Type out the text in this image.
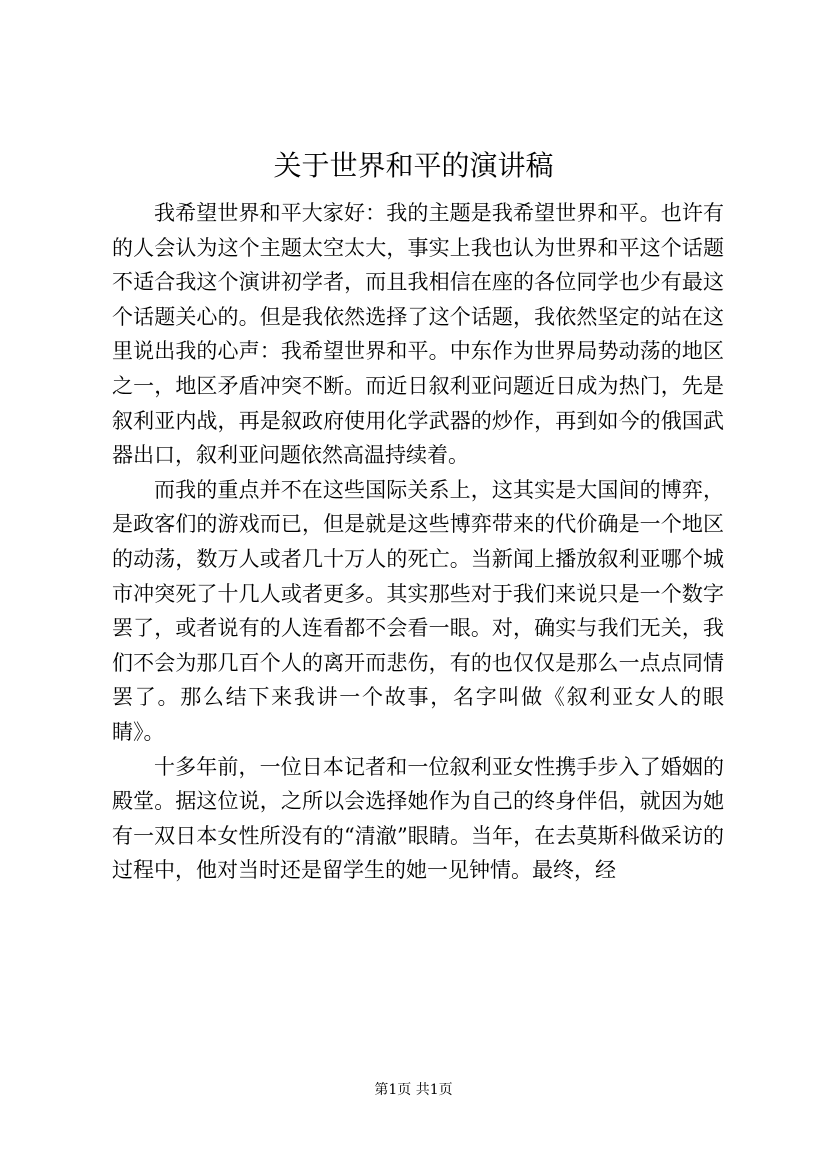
关于世界和平的演讲稿

我希望世界和平大家好：我的主题是我希望世界和平。也许有的人会认为这个主题太空太大，事实上我也认为世界和平这个话题不适合我这个演讲初学者，而且我相信在座的各位同学也少有最这个话题关心的。但是我依然选择了这个话题，我依然坚定的站在这里说出我的心声：我希望世界和平。中东作为世界局势动荡的地区之一，地区矛盾冲突不断。而近日叙利亚问题近日成为热门，先是叙利亚内战，再是叙政府使用化学武器的炒作，再到如今的俄国武器出口，叙利亚问题依然高温持续着。

而我的重点并不在这些国际关系上，这其实是大国间的博弈，是政客们的游戏而已，但是就是这些博弈带来的代价确是一个地区的动荡，数万人或者几十万人的死亡。当新闻上播放叙利亚哪个城市冲突死了十几人或者更多。其实那些对于我们来说只是一个数字罢了，或者说有的人连看都不会看一眼。对，确实与我们无关，我们不会为那几百个人的离开而悲伤，有的也仅仅是那么一点点同情罢了。那么结下来我讲一个故事，名字叫做《叙利亚女人的眼睛》。

十多年前，一位日本记者和一位叙利亚女性携手步入了婚姻的殿堂。据这位说，之所以会选择她作为自己的终身伴侣，就因为她有一双日本女性所没有的“清澈”眼睛。当年，在去莫斯科做采访的过程中，他对当时还是留学生的她一见钟情。最终，经

第1页 共1页
